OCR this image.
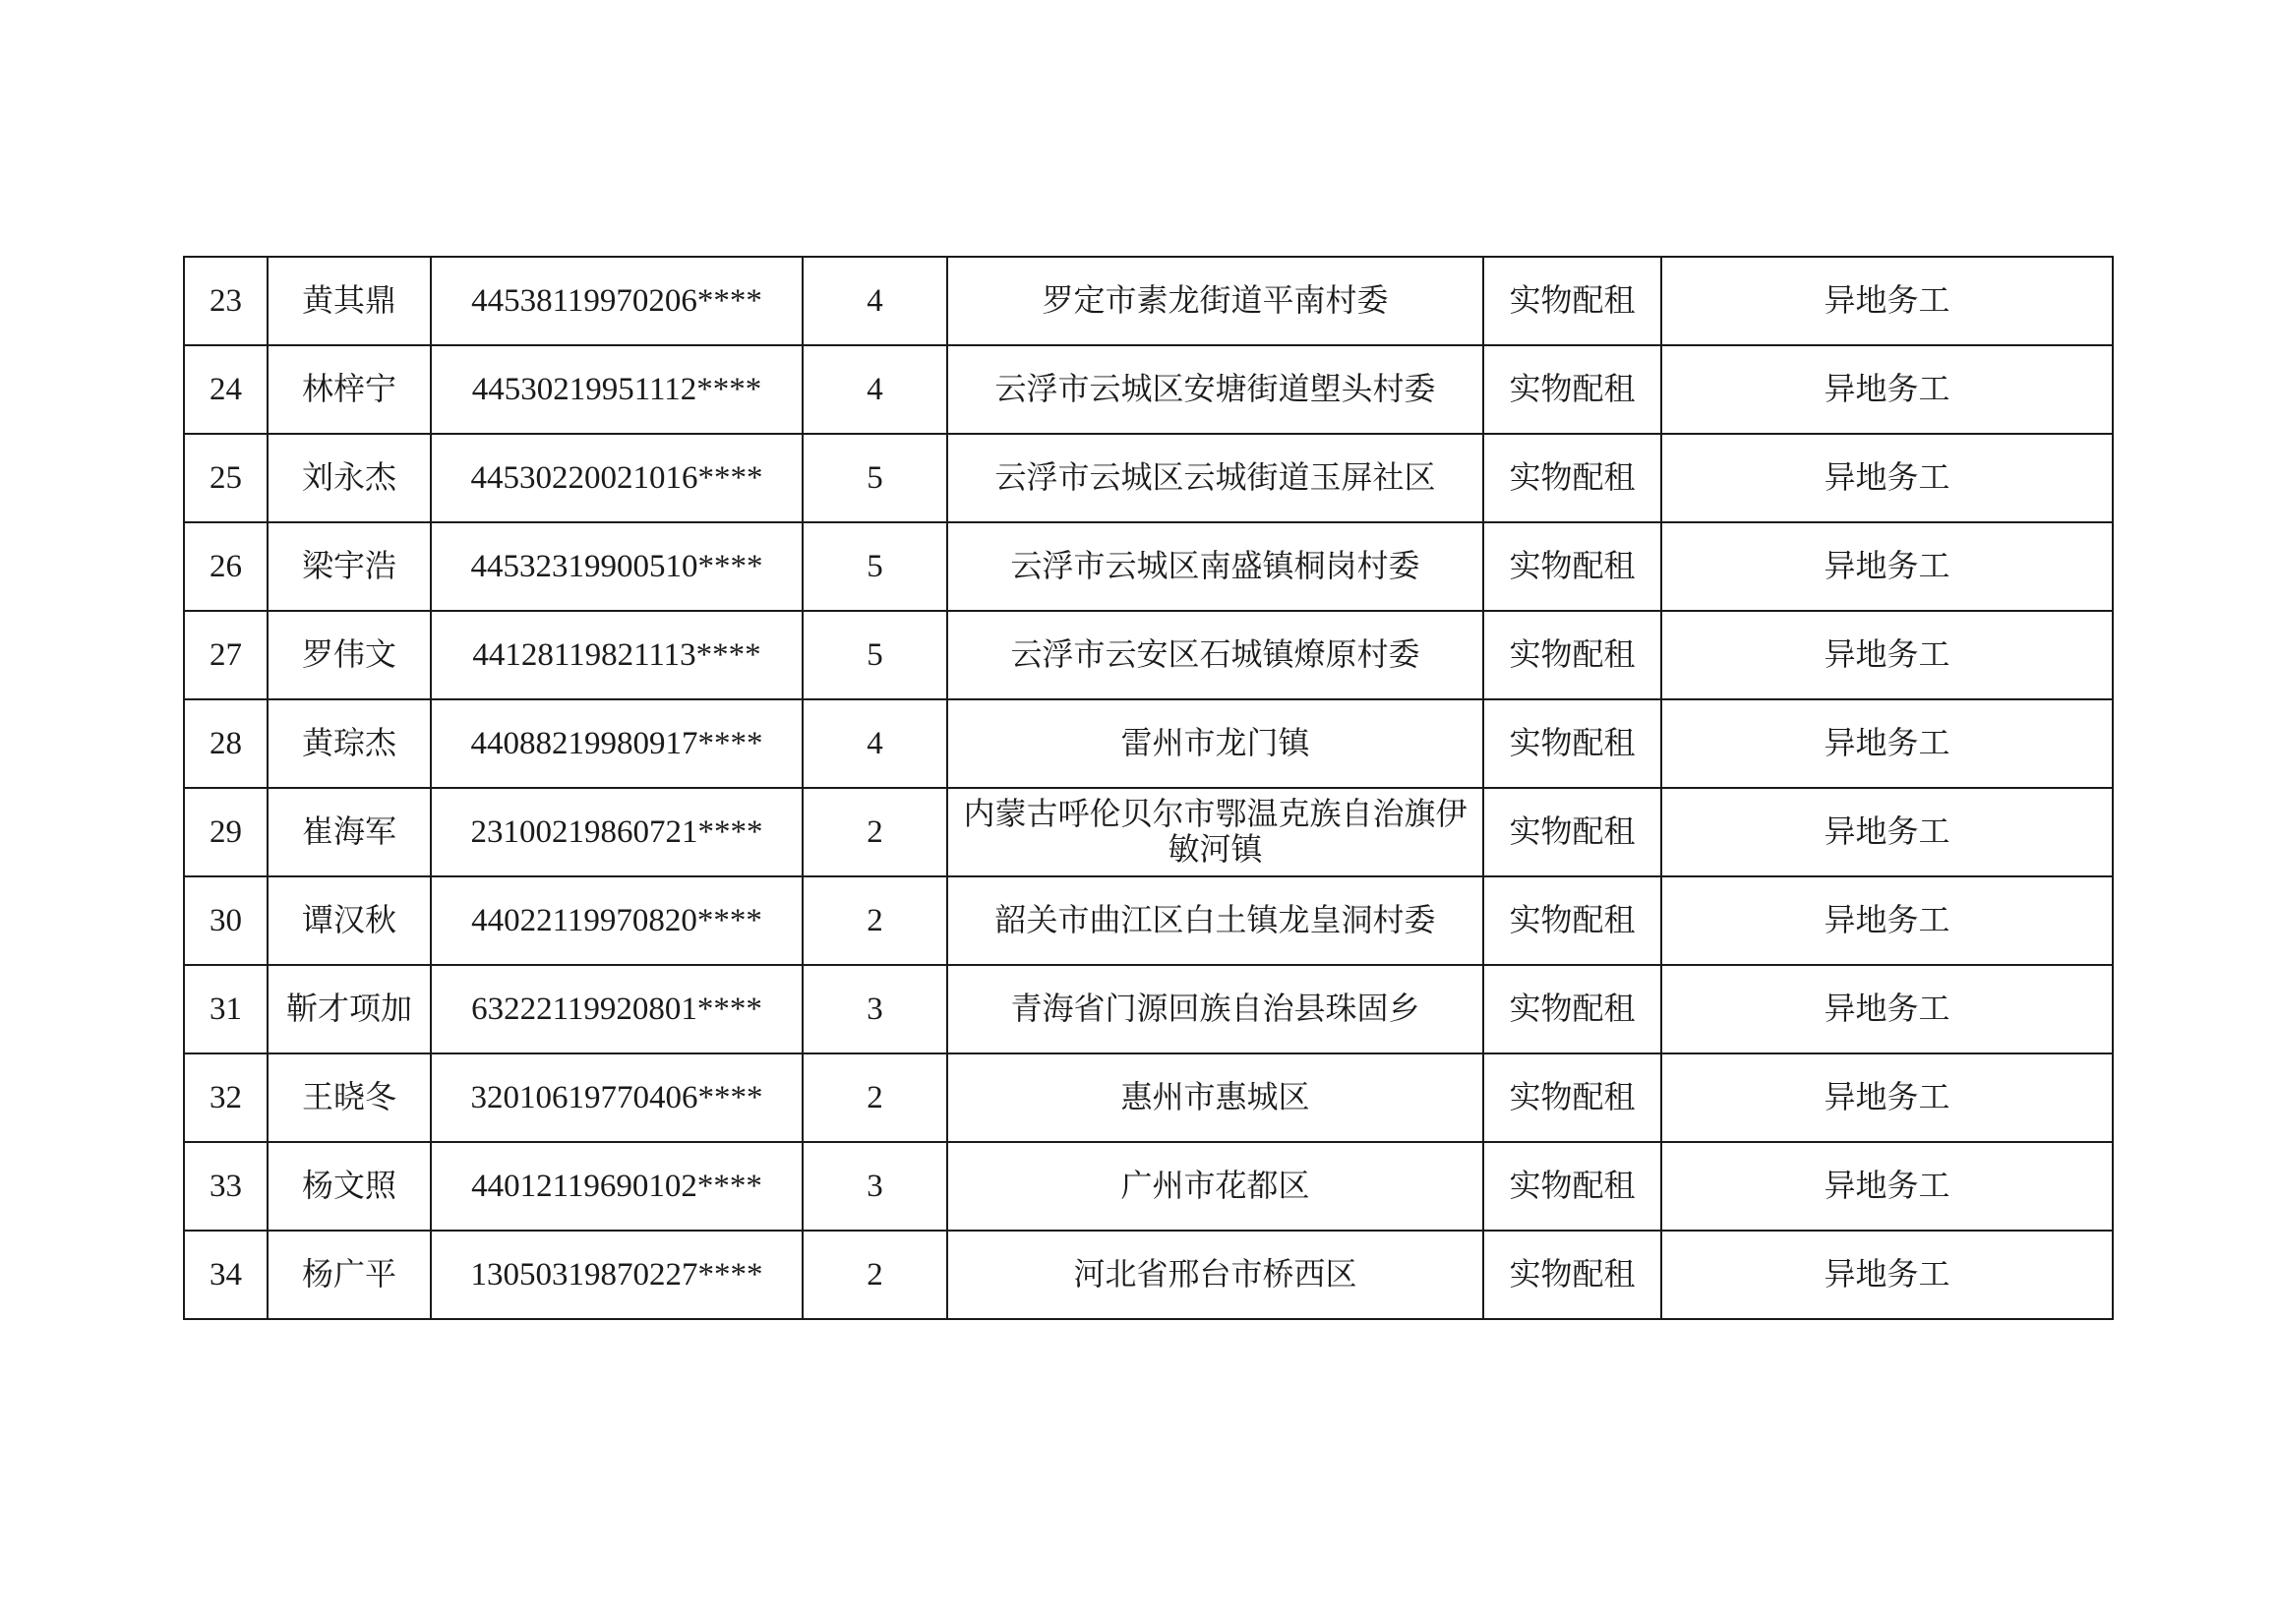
23	黄其鼎	44538119970206****	4	罗定市素龙街道平南村委	实物配租	异地务工
24	林梓宁	44530219951112****	4	云浮市云城区安塘街道塱头村委	实物配租	异地务工
25	刘永杰	44530220021016****	5	云浮市云城区云城街道玉屏社区	实物配租	异地务工
26	梁宇浩	44532319900510****	5	云浮市云城区南盛镇桐岗村委	实物配租	异地务工
27	罗伟文	44128119821113****	5	云浮市云安区石城镇燎原村委	实物配租	异地务工
28	黄琮杰	44088219980917****	4	雷州市龙门镇	实物配租	异地务工
29	崔海军	23100219860721****	2	内蒙古呼伦贝尔市鄂温克族自治旗伊敏河镇	实物配租	异地务工
30	谭汉秋	44022119970820****	2	韶关市曲江区白土镇龙皇洞村委	实物配租	异地务工
31	靳才项加	63222119920801****	3	青海省门源回族自治县珠固乡	实物配租	异地务工
32	王晓冬	32010619770406****	2	惠州市惠城区	实物配租	异地务工
33	杨文照	44012119690102****	3	广州市花都区	实物配租	异地务工
34	杨广平	13050319870227****	2	河北省邢台市桥西区	实物配租	异地务工
